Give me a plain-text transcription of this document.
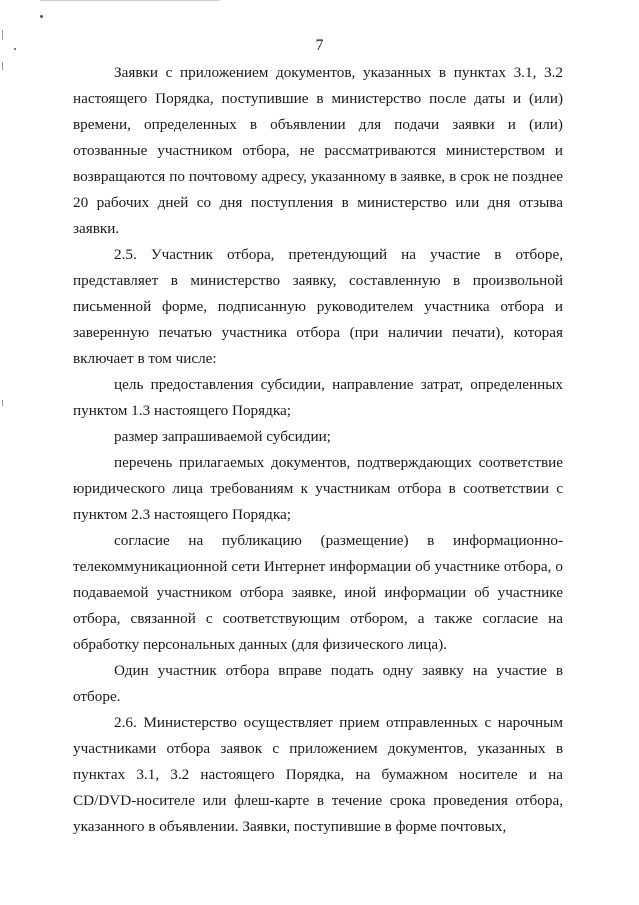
7

Заявки с приложением документов, указанных в пунктах 3.1, 3.2 настоящего Порядка, поступившие в министерство после даты и (или) времени, определенных в объявлении для подачи заявки и (или) отозванные участником отбора, не рассматриваются министерством и возвращаются по почтовому адресу, указанному в заявке, в срок не позднее 20 рабочих дней со дня поступления в министерство или дня отзыва заявки.

2.5. Участник отбора, претендующий на участие в отборе, представляет в министерство заявку, составленную в произвольной письменной форме, подписанную руководителем участника отбора и заверенную печатью участника отбора (при наличии печати), которая включает в том числе:

цель предоставления субсидии, направление затрат, определенных пунктом 1.3 настоящего Порядка;

размер запрашиваемой субсидии;

перечень прилагаемых документов, подтверждающих соответствие юридического лица требованиям к участникам отбора в соответствии с пунктом 2.3 настоящего Порядка;

согласие на публикацию (размещение) в информационно-телекоммуникационной сети Интернет информации об участнике отбора, о подаваемой участником отбора заявке, иной информации об участнике отбора, связанной с соответствующим отбором, а также согласие на обработку персональных данных (для физического лица).

Один участник отбора вправе подать одну заявку на участие в отборе.

2.6. Министерство осуществляет прием отправленных с нарочным участниками отбора заявок с приложением документов, указанных в пунктах 3.1, 3.2 настоящего Порядка, на бумажном носителе и на CD/DVD-носителе или флеш-карте в течение срока проведения отбора, указанного в объявлении. Заявки, поступившие в форме почтовых,
